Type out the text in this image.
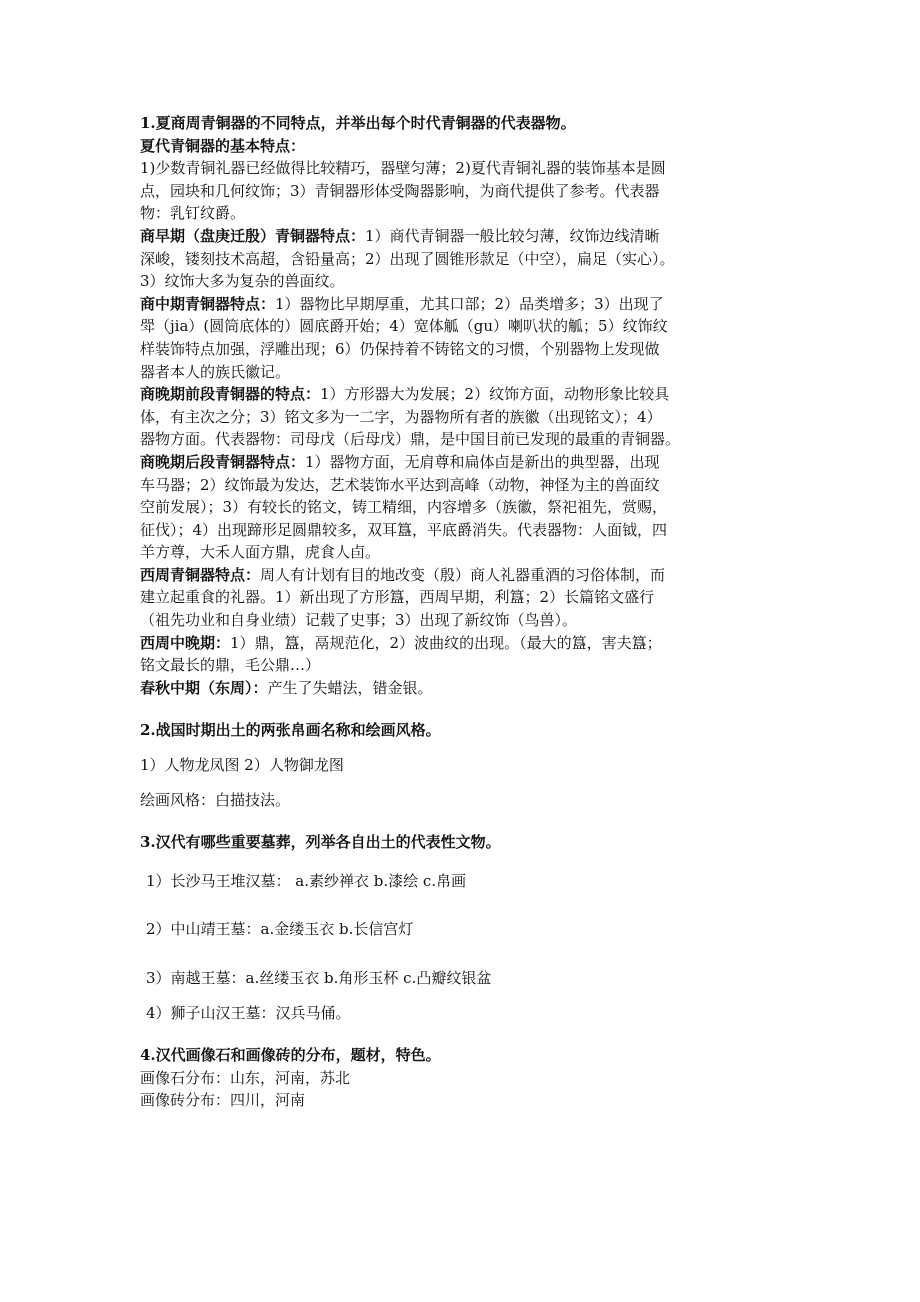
1.夏商周青铜器的不同特点，并举出每个时代青铜器的代表器物。
夏代青铜器的基本特点：
1)少数青铜礼器已经做得比较精巧，器壁匀薄；2)夏代青铜礼器的装饰基本是圆
点，园块和几何纹饰；3）青铜器形体受陶器影响，为商代提供了参考。代表器
物：乳钉纹爵。
商早期（盘庚迁殷）青铜器特点：1）商代青铜器一般比较匀薄，纹饰边线清晰
深峻，镂刻技术高超，含铅量高；2）出现了圆锥形款足（中空），扁足（实心）。
3）纹饰大多为复杂的兽面纹。
商中期青铜器特点：1）器物比早期厚重，尤其口部；2）品类增多；3）出现了
斝（jia）(圆筒底体的）圆底爵开始；4）宽体觚（gu）喇叭状的觚；5）纹饰纹
样装饰特点加强，浮雕出现；6）仍保持着不铸铭文的习惯，个别器物上发现做
器者本人的族氏徽记。
商晚期前段青铜器的特点：1）方形器大为发展；2）纹饰方面，动物形象比较具
体，有主次之分；3）铭文多为一二字，为器物所有者的族徽（出现铭文）；4）
器物方面。代表器物：司母戊（后母戊）鼎，是中国目前已发现的最重的青铜器。
商晚期后段青铜器特点：1）器物方面，无肩尊和扁体卣是新出的典型器，出现
车马器；2）纹饰最为发达，艺术装饰水平达到高峰（动物，神怪为主的兽面纹
空前发展）；3）有较长的铭文，铸工精细，内容增多（族徽，祭祀祖先，赏赐，
征伐）；4）出现蹄形足圆鼎较多，双耳簋，平底爵消失。代表器物：人面钺，四
羊方尊，大禾人面方鼎，虎食人卣。
西周青铜器特点：周人有计划有目的地改变（殷）商人礼器重酒的习俗体制，而
建立起重食的礼器。1）新出现了方形簋，西周早期，利簋；2）长篇铭文盛行
（祖先功业和自身业绩）记载了史事；3）出现了新纹饰（鸟兽）。
西周中晚期：1）鼎，簋，鬲规范化，2）波曲纹的出现。（最大的簋，害夫簋；
铭文最长的鼎，毛公鼎…）
春秋中期（东周）：产生了失蜡法，错金银。
2.战国时期出土的两张帛画名称和绘画风格。
1）人物龙凤图 2）人物御龙图
绘画风格：白描技法。
3.汉代有哪些重要墓葬，列举各自出土的代表性文物。
1）长沙马王堆汉墓： a.素纱禅衣 b.漆绘 c.帛画
2）中山靖王墓：a.金缕玉衣 b.长信宫灯
3）南越王墓：a.丝缕玉衣 b.角形玉杯 c.凸瓣纹银盆
4）狮子山汉王墓：汉兵马俑。
4.汉代画像石和画像砖的分布，题材，特色。
画像石分布：山东，河南，苏北
画像砖分布：四川，河南
